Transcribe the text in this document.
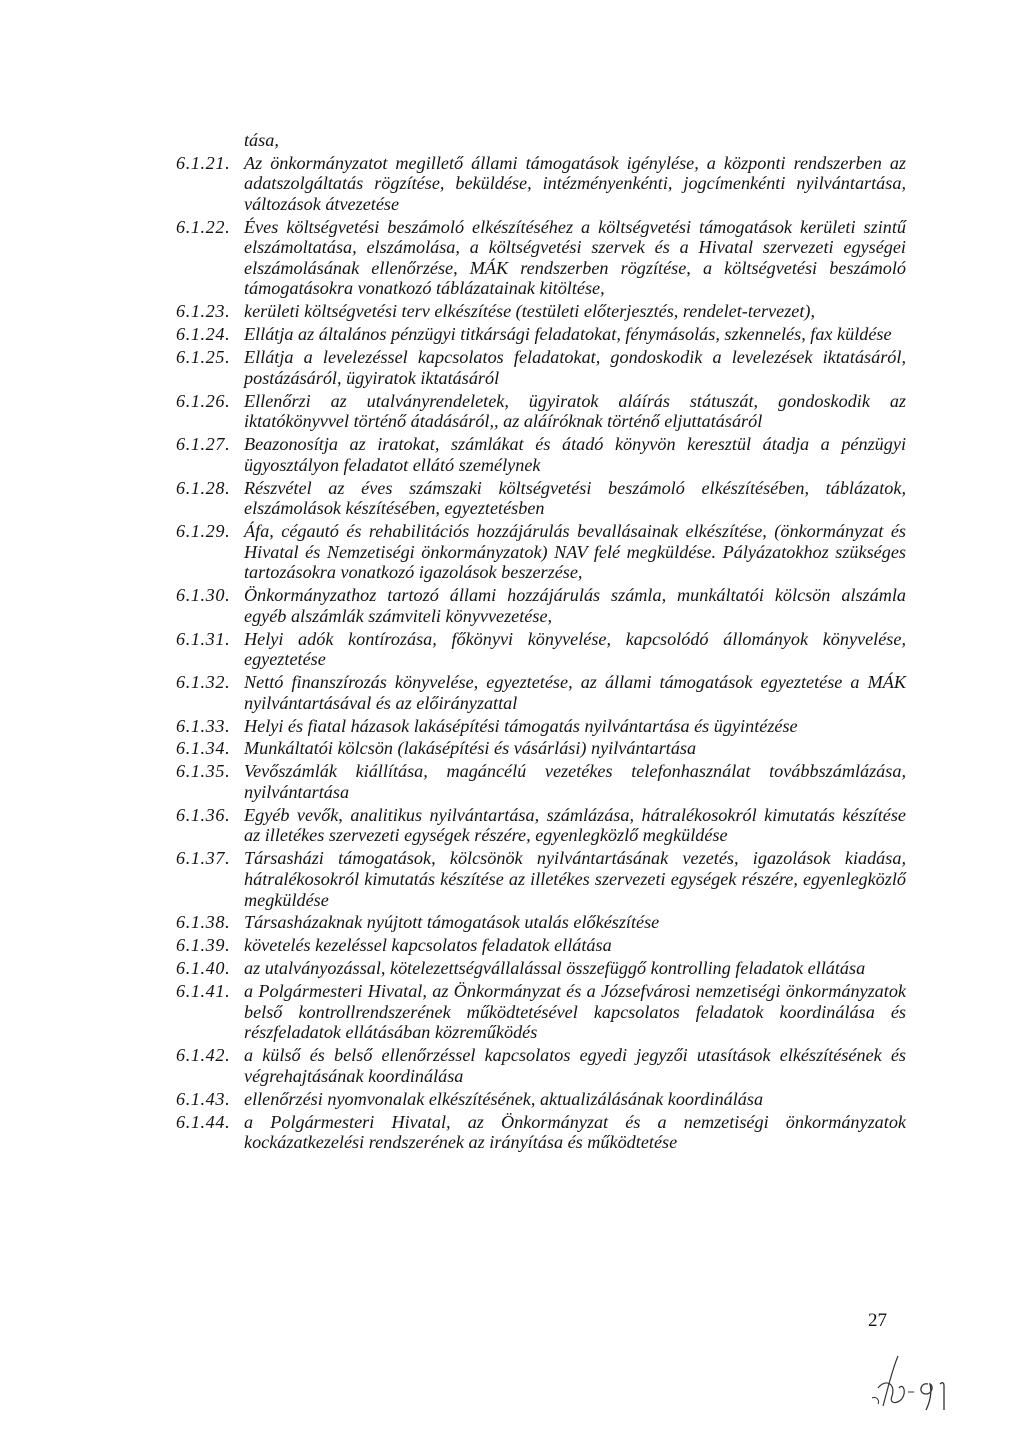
tása,
6.1.21. Az önkormányzatot megillető állami támogatások igénylése, a központi rendszerben az adatszolgáltatás rögzítése, beküldése, intézményenkénti, jogcímenkénti nyilvántartása, változások átvezetése
6.1.22. Éves költségvetési beszámoló elkészítéséhez a költségvetési támogatások kerületi szintű elszámoltatása, elszámolása, a költségvetési szervek és a Hivatal szervezeti egységei elszámolásának ellenőrzése, MÁK rendszerben rögzítése, a költségvetési beszámoló támogatásokra vonatkozó táblázatainak kitöltése,
6.1.23. kerületi költségvetési terv elkészítése (testületi előterjesztés, rendelet-tervezet),
6.1.24. Ellátja az általános pénzügyi titkársági feladatokat, fénymásolás, szkennelés, fax küldése
6.1.25. Ellátja a levelezéssel kapcsolatos feladatokat, gondoskodik a levelezések iktatásáról, postázásáról, ügyiratok iktatásáról
6.1.26. Ellenőrzi az utalványrendeletek, ügyiratok aláírás státuszát, gondoskodik az iktatókönyvvel történő átadásáról,, az aláíróknak történő eljuttatásáról
6.1.27. Beazonosítja az iratokat, számlákat és átadó könyvön keresztül átadja a pénzügyi ügyosztályon feladatot ellátó személynek
6.1.28. Részvétel az éves számszaki költségvetési beszámoló elkészítésében, táblázatok, elszámolások készítésében, egyeztetésben
6.1.29. Áfa, cégautó és rehabilitációs hozzájárulás bevallásainak elkészítése, (önkormányzat és Hivatal és Nemzetiségi önkormányzatok) NAV felé megküldése. Pályázatokhoz szükséges tartozásokra vonatkozó igazolások beszerzése,
6.1.30. Önkormányzathoz tartozó állami hozzájárulás számla, munkáltatói kölcsön alszámla egyéb alszámlák számviteli könyvvezetése,
6.1.31. Helyi adók kontírozása, főkönyvi könyvelése, kapcsolódó állományok könyvelése, egyeztetése
6.1.32. Nettó finanszírozás könyvelése, egyeztetése, az állami támogatások egyeztetése a MÁK nyilvántartásával és az előirányzattal
6.1.33. Helyi és fiatal házasok lakásépítési támogatás nyilvántartása és ügyintézése
6.1.34. Munkáltatói kölcsön (lakásépítési és vásárlási) nyilvántartása
6.1.35. Vevőszámlák kiállítása, magáncélú vezetékes telefonhasználat továbbszámlázása, nyilvántartása
6.1.36. Egyéb vevők, analitikus nyilvántartása, számlázása, hátralékosokról kimutatás készítése az illetékes szervezeti egységek részére, egyenlegközlő megküldése
6.1.37. Társasházi támogatások, kölcsönök nyilvántartásának vezetés, igazolások kiadása, hátralékosokról kimutatás készítése az illetékes szervezeti egységek részére, egyenlegközlő megküldése
6.1.38. Társasházaknak nyújtott támogatások utalás előkészítése
6.1.39. követelés kezeléssel kapcsolatos feladatok ellátása
6.1.40. az utalványozással, kötelezettségvállalással összefüggő kontrolling feladatok ellátása
6.1.41. a Polgármesteri Hivatal, az Önkormányzat és a Józsefvárosi nemzetiségi önkormányzatok belső kontrollrendszerének működtetésével kapcsolatos feladatok koordinálása és részfeladatok ellátásában közreműködés
6.1.42. a külső és belső ellenőrzéssel kapcsolatos egyedi jegyzői utasítások elkészítésének és végrehajtásának koordinálása
6.1.43. ellenőrzési nyomvonalak elkészítésének, aktualizálásának koordinálása
6.1.44. a Polgármesteri Hivatal, az Önkormányzat és a nemzetiségi önkormányzatok kockázatkezelési rendszerének az irányítása és működtetése
27
